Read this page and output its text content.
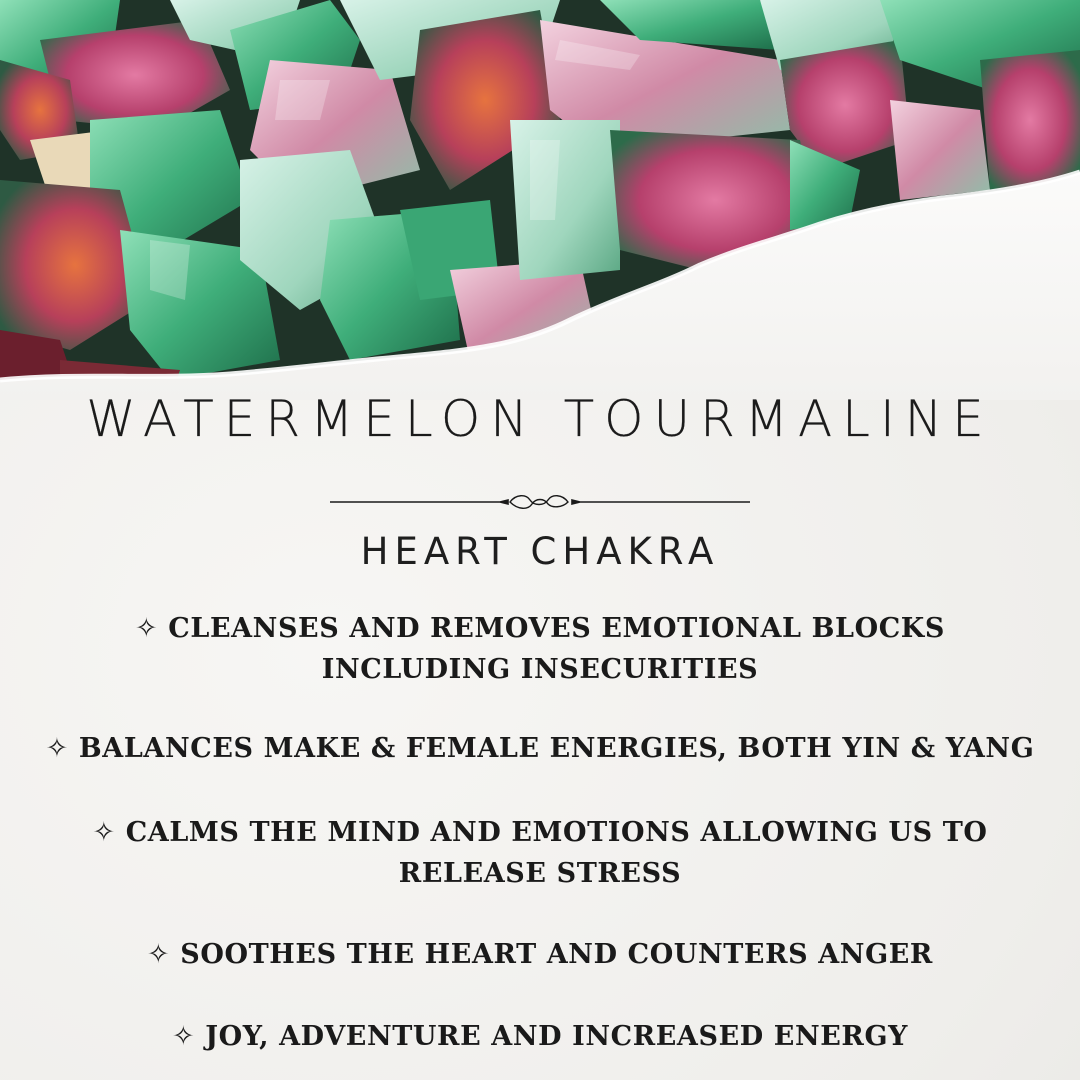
WATERMELON TOURMALINE
HEART CHAKRA
✧ CLEANSES AND REMOVES EMOTIONAL BLOCKS
INCLUDING INSECURITIES
✧ BALANCES MAKE & FEMALE ENERGIES, BOTH YIN & YANG
✧ CALMS THE MIND AND EMOTIONS ALLOWING US TO
RELEASE STRESS
✧ SOOTHES THE HEART AND COUNTERS ANGER
✧ JOY, ADVENTURE AND INCREASED ENERGY
